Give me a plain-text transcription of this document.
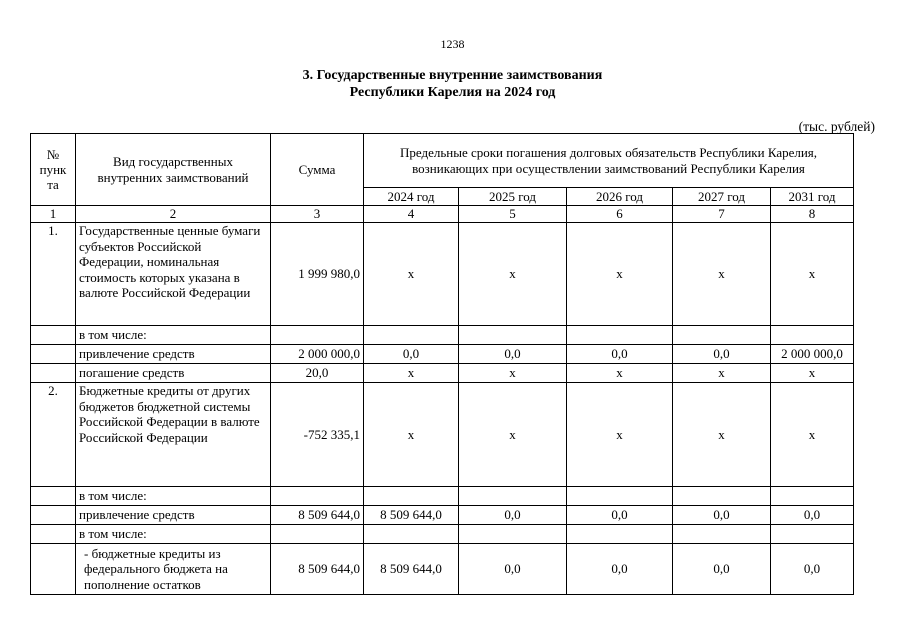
1238
3. Государственные внутренние заимствования
Республики Карелия на 2024 год
(тыс. рублей)
№
пунк
та	Вид государственных внутренних заимствований	Сумма	Предельные сроки погашения долговых обязательств Республики Карелия, возникающих при осуществлении заимствований Республики Карелия				
			2024 год	2025 год	2026 год	2027 год	2031 год
1	2	3	4	5	6	7	8
1.	Государственные ценные бумаги субъектов Российской Федерации, номинальная стоимость которых указана в валюте Российской Федерации	1 999 980,0	x	x	x	x	x
	в том числе:						
	привлечение средств	2 000 000,0	0,0	0,0	0,0	0,0	2 000 000,0
	погашение средств	20,0	x	x	x	x	x
2.	Бюджетные кредиты от других бюджетов бюджетной системы Российской Федерации в валюте Российской Федерации	-752 335,1	x	x	x	x	x
	в том числе:						
	привлечение средств	8 509 644,0	8 509 644,0	0,0	0,0	0,0	0,0
	в том числе:						
	- бюджетные кредиты из федерального бюджета на пополнение остатков	8 509 644,0	8 509 644,0	0,0	0,0	0,0	0,0
